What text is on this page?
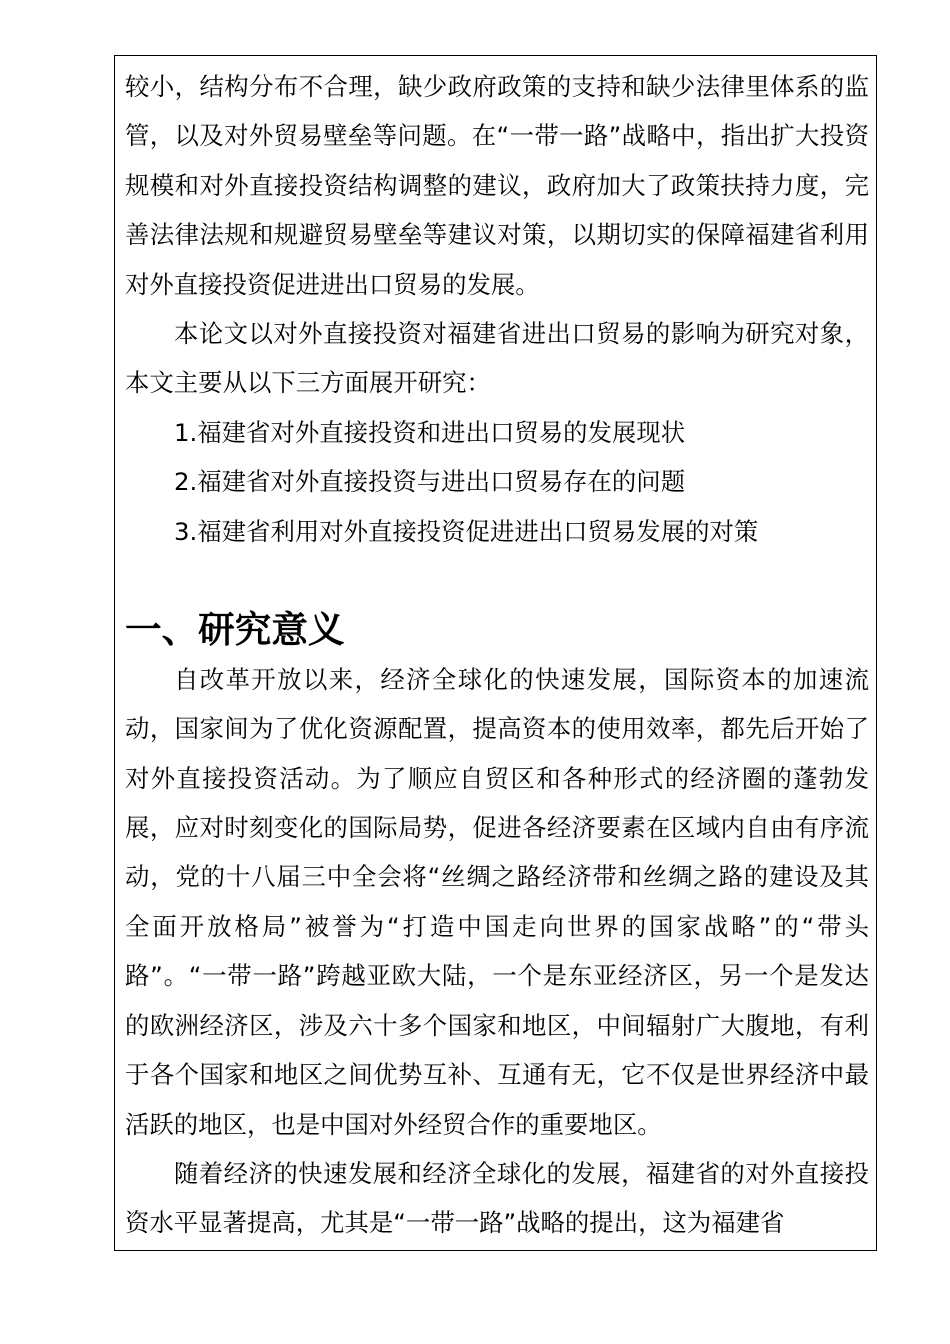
较小，结构分布不合理，缺少政府政策的支持和缺少法律里体系的监管，以及对外贸易壁垒等问题。在“一带一路”战略中，指出扩大投资规模和对外直接投资结构调整的建议，政府加大了政策扶持力度，完善法律法规和规避贸易壁垒等建议对策，以期切实的保障福建省利用对外直接投资促进进出口贸易的发展。

本论文以对外直接投资对福建省进出口贸易的影响为研究对象，本文主要从以下三方面展开研究：

1.福建省对外直接投资和进出口贸易的发展现状

2.福建省对外直接投资与进出口贸易存在的问题

3.福建省利用对外直接投资促进进出口贸易发展的对策

一、研究意义

自改革开放以来，经济全球化的快速发展，国际资本的加速流动，国家间为了优化资源配置，提高资本的使用效率，都先后开始了对外直接投资活动。为了顺应自贸区和各种形式的经济圈的蓬勃发展，应对时刻变化的国际局势，促进各经济要素在区域内自由有序流动，党的十八届三中全会将“丝绸之路经济带和丝绸之路的建设及其全面开放格局”被誉为“打造中国走向世界的国家战略”的“带头路”。“一带一路”跨越亚欧大陆，一个是东亚经济区，另一个是发达的欧洲经济区，涉及六十多个国家和地区，中间辐射广大腹地，有利于各个国家和地区之间优势互补、互通有无，它不仅是世界经济中最活跃的地区，也是中国对外经贸合作的重要地区。

随着经济的快速发展和经济全球化的发展，福建省的对外直接投资水平显著提高，尤其是“一带一路”战略的提出，这为福建省
